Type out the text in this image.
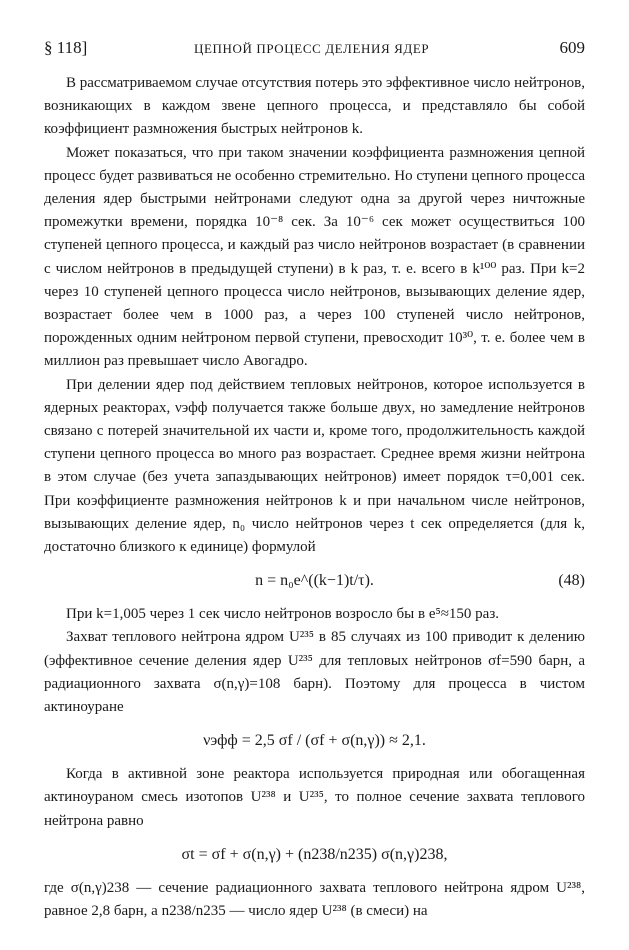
§ 118]	ЦЕПНОЙ ПРОЦЕСС ДЕЛЕНИЯ ЯДЕР	609

В рассматриваемом случае отсутствия потерь это эффективное число нейтронов, возникающих в каждом звене цепного процесса, и представляло бы собой коэффициент размножения быстрых нейтронов k.

Может показаться, что при таком значении коэффициента размножения цепной процесс будет развиваться не особенно стремительно. Но ступени цепного процесса деления ядер быстрыми нейтронами следуют одна за другой через ничтожные промежутки времени, порядка 10⁻⁸ сек. За 10⁻⁶ сек может осуществиться 100 ступеней цепного процесса, и каждый раз число нейтронов возрастает (в сравнении с числом нейтронов в предыдущей ступени) в k раз, т. е. всего в k¹⁰⁰ раз. При k=2 через 10 ступеней цепного процесса число нейтронов, вызывающих деление ядер, возрастает более чем в 1000 раз, а через 100 ступеней число нейтронов, порожденных одним нейтроном первой ступени, превосходит 10³⁰, т. е. более чем в миллион раз превышает число Авогадро.

При делении ядер под действием тепловых нейтронов, которое используется в ядерных реакторах, νэфф получается также больше двух, но замедление нейтронов связано с потерей значительной их части и, кроме того, продолжительность каждой ступени цепного процесса во много раз возрастает. Среднее время жизни нейтрона в этом случае (без учета запаздывающих нейтронов) имеет порядок τ=0,001 сек. При коэффициенте размножения нейтронов k и при начальном числе нейтронов, вызывающих деление ядер, n₀ число нейтронов через t сек определяется (для k, достаточно близкого к единице) формулой

n = n₀e^((k−1)t/τ).	(48)

При k=1,005 через 1 сек число нейтронов возросло бы в e⁵≈150 раз.

Захват теплового нейтрона ядром U²³⁵ в 85 случаях из 100 приводит к делению (эффективное сечение деления ядер U²³⁵ для тепловых нейтронов σf=590 барн, а радиационного захвата σ(n,γ)=108 барн). Поэтому для процесса в чистом актиноуране

νэфф = 2,5 σf / (σf + σ(n,γ)) ≈ 2,1.

Когда в активной зоне реактора используется природная или обогащенная актиноураном смесь изотопов U²³⁸ и U²³⁵, то полное сечение захвата теплового нейтрона равно

σt = σf + σ(n,γ) + (n238/n235) σ(n,γ)238,

где σ(n,γ)238 — сечение радиационного захвата теплового нейтрона ядром U²³⁸, равное 2,8 барн, а n238/n235 — число ядер U²³⁸ (в смеси) на
